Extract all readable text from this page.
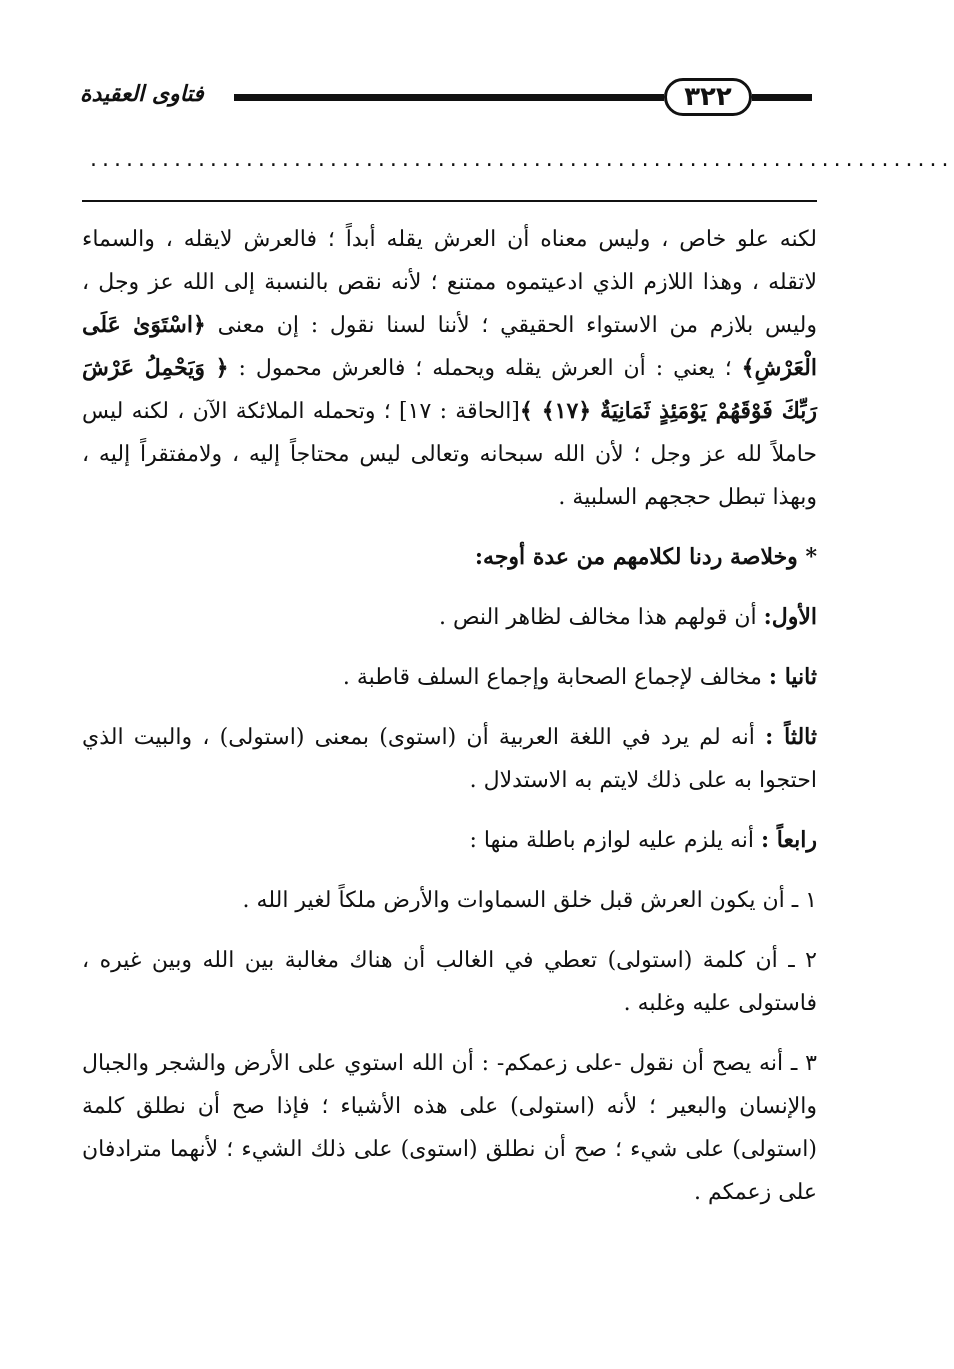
فتاوى العقيدة	٣٢٢
........................................................................

لكنه علو خاص ، وليس معناه أن العرش يقله أبداً ؛ فالعرش لايقله ، والسماء لاتقله ، وهذا اللازم الذي ادعيتموه ممتنع ؛ لأنه نقص بالنسبة إلى الله عز وجل ، وليس بلازم من الاستواء الحقيقي ؛ لأننا لسنا نقول : إن معنى ﴿اسْتَوَىٰ عَلَى الْعَرْشِ﴾ ؛ يعني : أن العرش يقله ويحمله ؛ فالعرش محمول : ﴿ وَيَحْمِلُ عَرْشَ رَبِّكَ فَوْقَهُمْ يَوْمَئِذٍ ثَمَانِيَةٌ ﴿١٧﴾ ﴾[الحاقة : ١٧] ؛ وتحمله الملائكة الآن ، لكنه ليس حاملاً لله عز وجل ؛ لأن الله سبحانه وتعالى ليس محتاجاً إليه ، ولامفتقراً إليه ، وبهذا تبطل حججهم السلبية .

* وخلاصة ردنا لكلامهم من عدة أوجه:

الأول: أن قولهم هذا مخالف لظاهر النص .

ثانيا : مخالف لإجماع الصحابة وإجماع السلف قاطبة .

ثالثاً : أنه لم يرد في اللغة العربية أن (استوى) بمعنى (استولى) ، والبيت الذي احتجوا به على ذلك لايتم به الاستدلال .

رابعاً : أنه يلزم عليه لوازم باطلة منها :

١ ـ أن يكون العرش قبل خلق السماوات والأرض ملكاً لغير الله .

٢ ـ أن كلمة (استولى) تعطي في الغالب أن هناك مغالبة بين الله وبين غيره ، فاستولى عليه وغلبه .

٣ ـ أنه يصح أن نقول -على زعمكم- : أن الله استوي على الأرض والشجر والجبال والإنسان والبعير ؛ لأنه (استولى) على هذه الأشياء ؛ فإذا صح أن نطلق كلمة (استولى) على شيء ؛ صح أن نطلق (استوى) على ذلك الشيء ؛ لأنهما مترادفان على زعمكم .
